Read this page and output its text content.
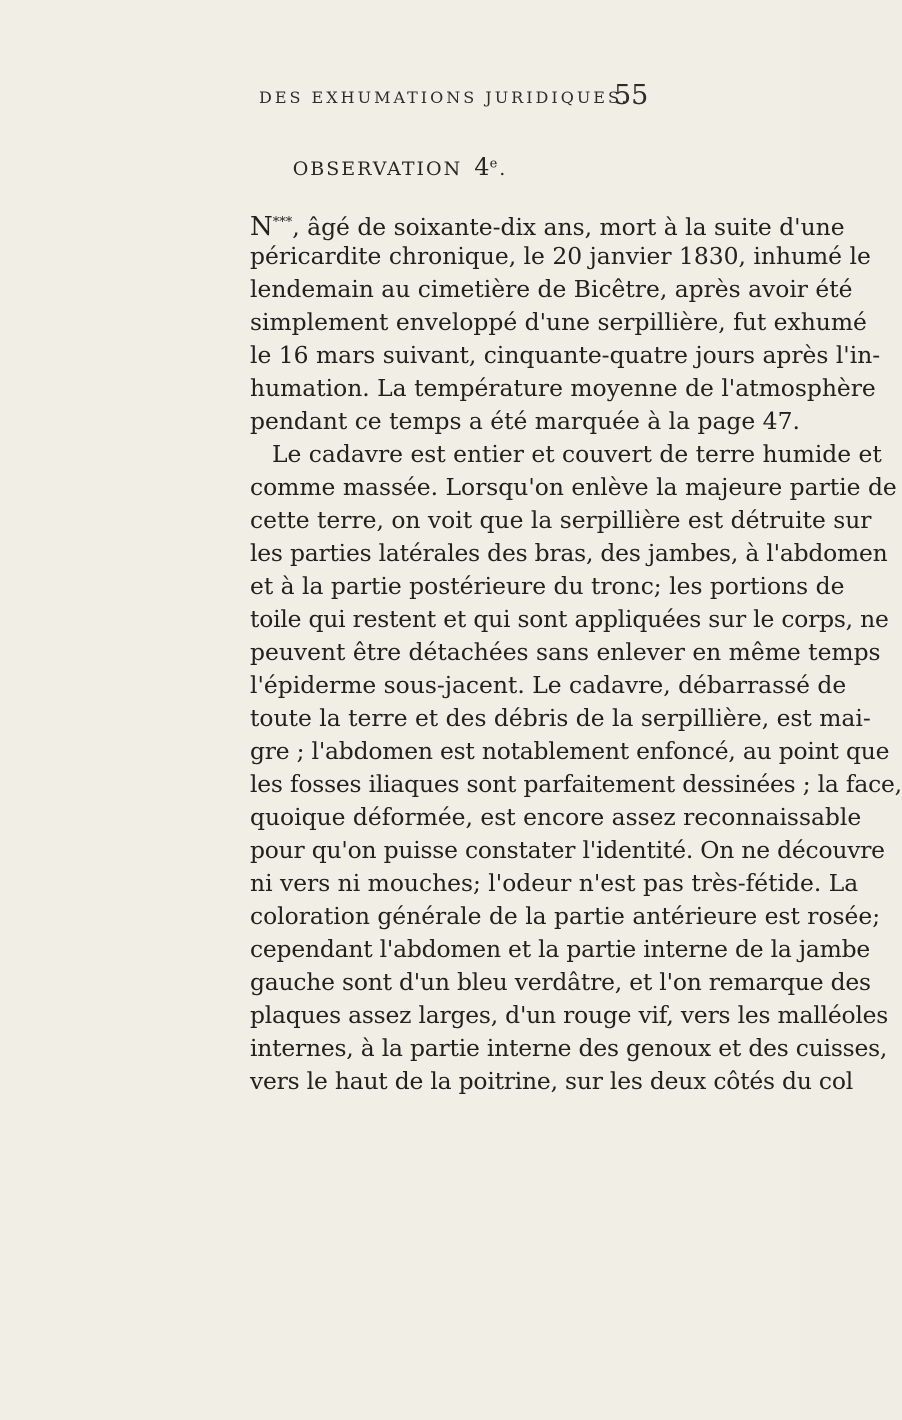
DES EXHUMATIONS JURIDIQUES.
55
OBSERVATION 4e.
N***, âgé de soixante-dix ans, mort à la suite d'une
péricardite chronique, le 20 janvier 1830, inhumé le
lendemain au cimetière de Bicêtre, après avoir été
simplement enveloppé d'une serpillière, fut exhumé
le 16 mars suivant, cinquante-quatre jours après l'in-
humation. La température moyenne de l'atmosphère
pendant ce temps a été marquée à la page 47.
Le cadavre est entier et couvert de terre humide et
comme massée. Lorsqu'on enlève la majeure partie de
cette terre, on voit que la serpillière est détruite sur
les parties latérales des bras, des jambes, à l'abdomen
et à la partie postérieure du tronc; les portions de
toile qui restent et qui sont appliquées sur le corps, ne
peuvent être détachées sans enlever en même temps
l'épiderme sous-jacent. Le cadavre, débarrassé de
toute la terre et des débris de la serpillière, est mai-
gre ; l'abdomen est notablement enfoncé, au point que
les fosses iliaques sont parfaitement dessinées ; la face,
quoique déformée, est encore assez reconnaissable
pour qu'on puisse constater l'identité. On ne découvre
ni vers ni mouches; l'odeur n'est pas très-fétide. La
coloration générale de la partie antérieure est rosée;
cependant l'abdomen et la partie interne de la jambe
gauche sont d'un bleu verdâtre, et l'on remarque des
plaques assez larges, d'un rouge vif, vers les malléoles
internes, à la partie interne des genoux et des cuisses,
vers le haut de la poitrine, sur les deux côtés du col
